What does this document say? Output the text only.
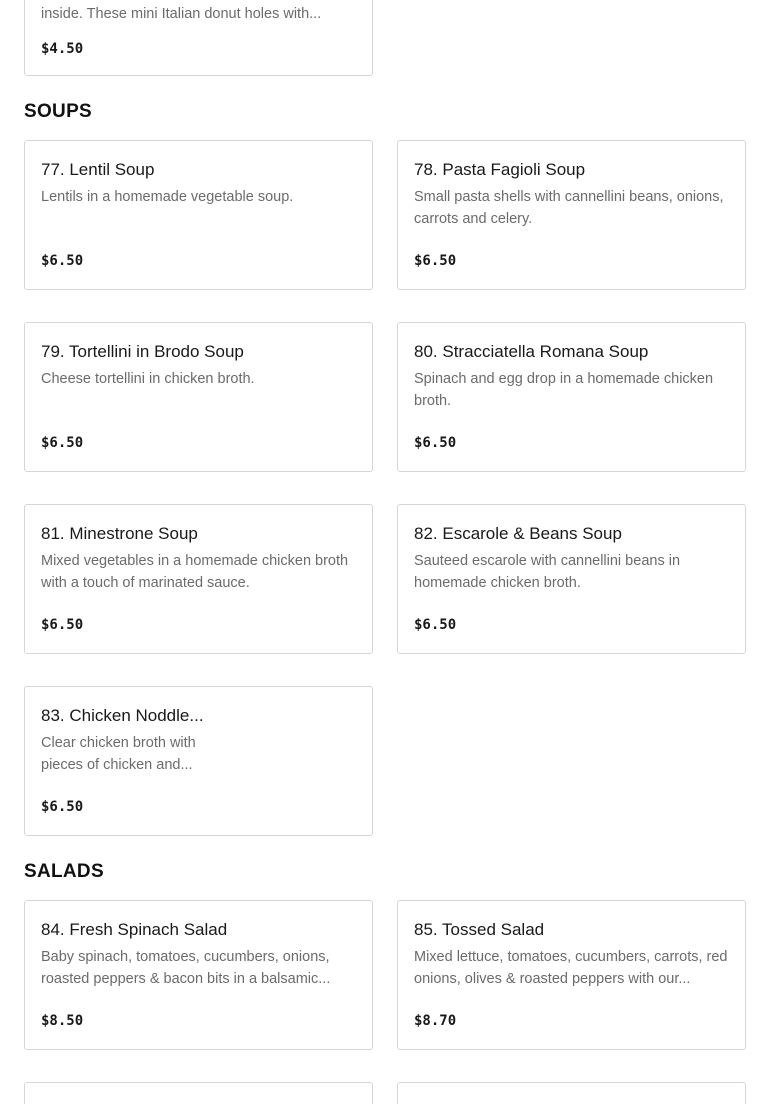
inside. These mini Italian donut holes with...
$4.50
SOUPS
77. Lentil Soup
Lentils in a homemade vegetable soup.
$6.50
78. Pasta Fagioli Soup
Small pasta shells with cannellini beans, onions, carrots and celery.
$6.50
79. Tortellini in Brodo Soup
Cheese tortellini in chicken broth.
$6.50
80. Stracciatella Romana Soup
Spinach and egg drop in a homemade chicken broth.
$6.50
81. Minestrone Soup
Mixed vegetables in a homemade chicken broth with a touch of marinated sauce.
$6.50
82. Escarole & Beans Soup
Sauteed escarole with cannellini beans in homemade chicken broth.
$6.50
83. Chicken Noddle...
Clear chicken broth with
pieces of chicken and...
$6.50
SALADS
84. Fresh Spinach Salad
Baby spinach, tomatoes, cucumbers, onions, roasted peppers & bacon bits in a balsamic...
$8.50
85. Tossed Salad
Mixed lettuce, tomatoes, cucumbers, carrots, red onions, olives & roasted peppers with our...
$8.70
